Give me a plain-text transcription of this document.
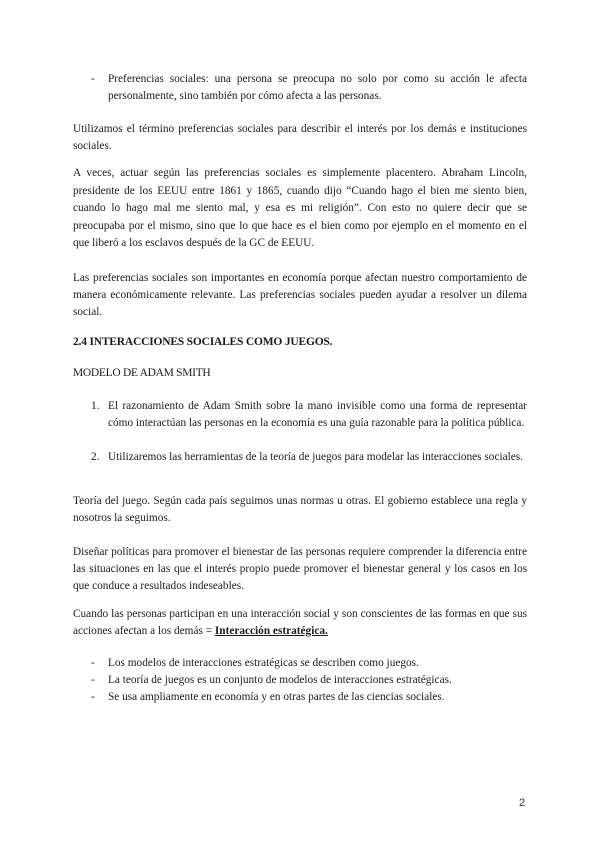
- Preferencias sociales: una persona se preocupa no solo por como su acción le afecta personalmente, sino también por cómo afecta a las personas.

Utilizamos el término preferencias sociales para describir el interés por los demás e instituciones sociales.

A veces, actuar según las preferencias sociales es simplemente placentero. Abraham Lincoln, presidente de los EEUU entre 1861 y 1865, cuando dijo “Cuando hago el bien me siento bien, cuando lo hago mal me siento mal, y esa es mi religión”. Con esto no quiere decir que se preocupaba por el mismo, sino que lo que hace es el bien como por ejemplo en el momento en el que liberó a los esclavos después de la GC de EEUU.

Las preferencias sociales son importantes en economía porque afectan nuestro comportamiento de manera económicamente relevante. Las preferencias sociales pueden ayudar a resolver un dilema social.

2.4 INTERACCIONES SOCIALES COMO JUEGOS.
MODELO DE ADAM SMITH
1. El razonamiento de Adam Smith sobre la mano invisible como una forma de representar cómo interactúan las personas en la economía es una guía razonable para la política pública.
2. Utilizaremos las herramientas de la teoría de juegos para modelar las interacciones sociales.

Teoría del juego. Según cada país seguimos unas normas u otras. El gobierno establece una regla y nosotros la seguimos.

Diseñar políticas para promover el bienestar de las personas requiere comprender la diferencia entre las situaciones en las que el interés propio puede promover el bienestar general y los casos en los que conduce a resultados indeseables.

Cuando las personas participan en una interacción social y son conscientes de las formas en que sus acciones afectan a los demás = Interacción estratégica.

- Los modelos de interacciones estratégicas se describen como juegos.
- La teoría de juegos es un conjunto de modelos de interacciones estratégicas.
- Se usa ampliamente en economía y en otras partes de las ciencias sociales.
2
